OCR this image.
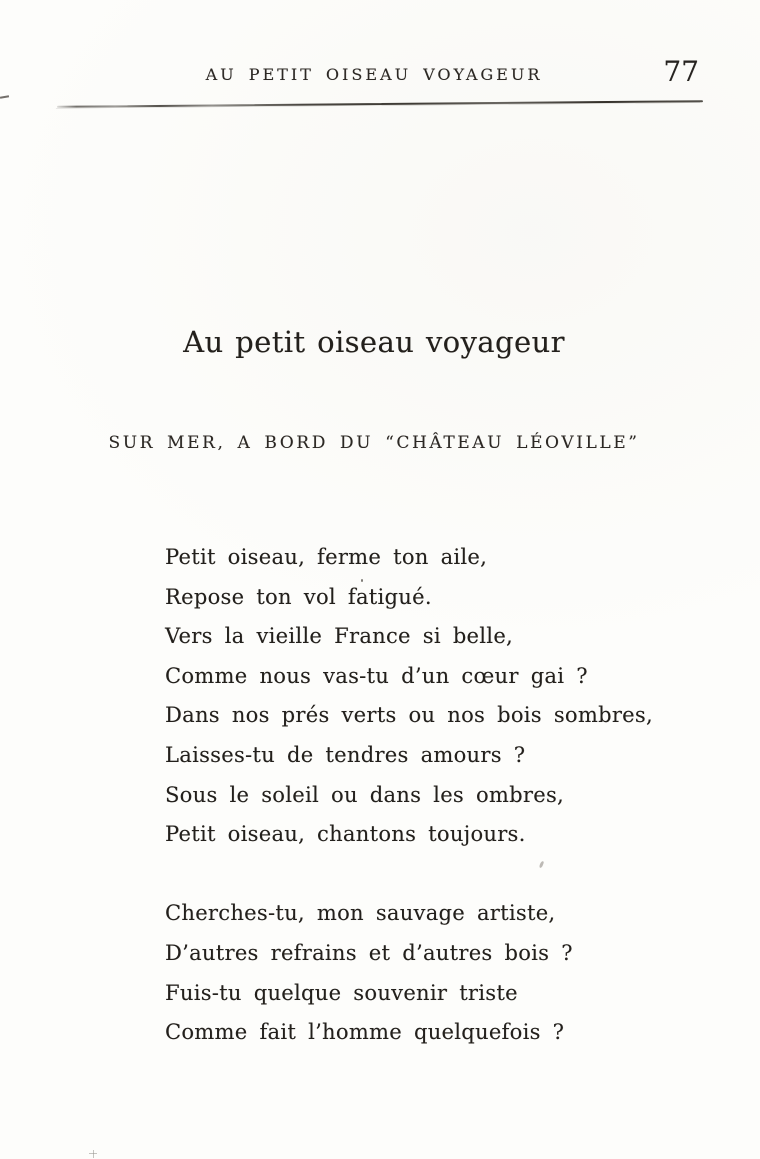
AU PETIT OISEAU VOYAGEUR	77
Au petit oiseau voyageur
SUR MER, A BORD DU “CHÂTEAU LÉOVILLE”
Petit oiseau, ferme ton aile,
Repose ton vol fatigué.
Vers la vieille France si belle,
Comme nous vas-tu d’un cœur gai ?
Dans nos prés verts ou nos bois sombres,
Laisses-tu de tendres amours ?
Sous le soleil ou dans les ombres,
Petit oiseau, chantons toujours.
Cherches-tu, mon sauvage artiste,
D’autres refrains et d’autres bois ?
Fuis-tu quelque souvenir triste
Comme fait l’homme quelquefois ?
